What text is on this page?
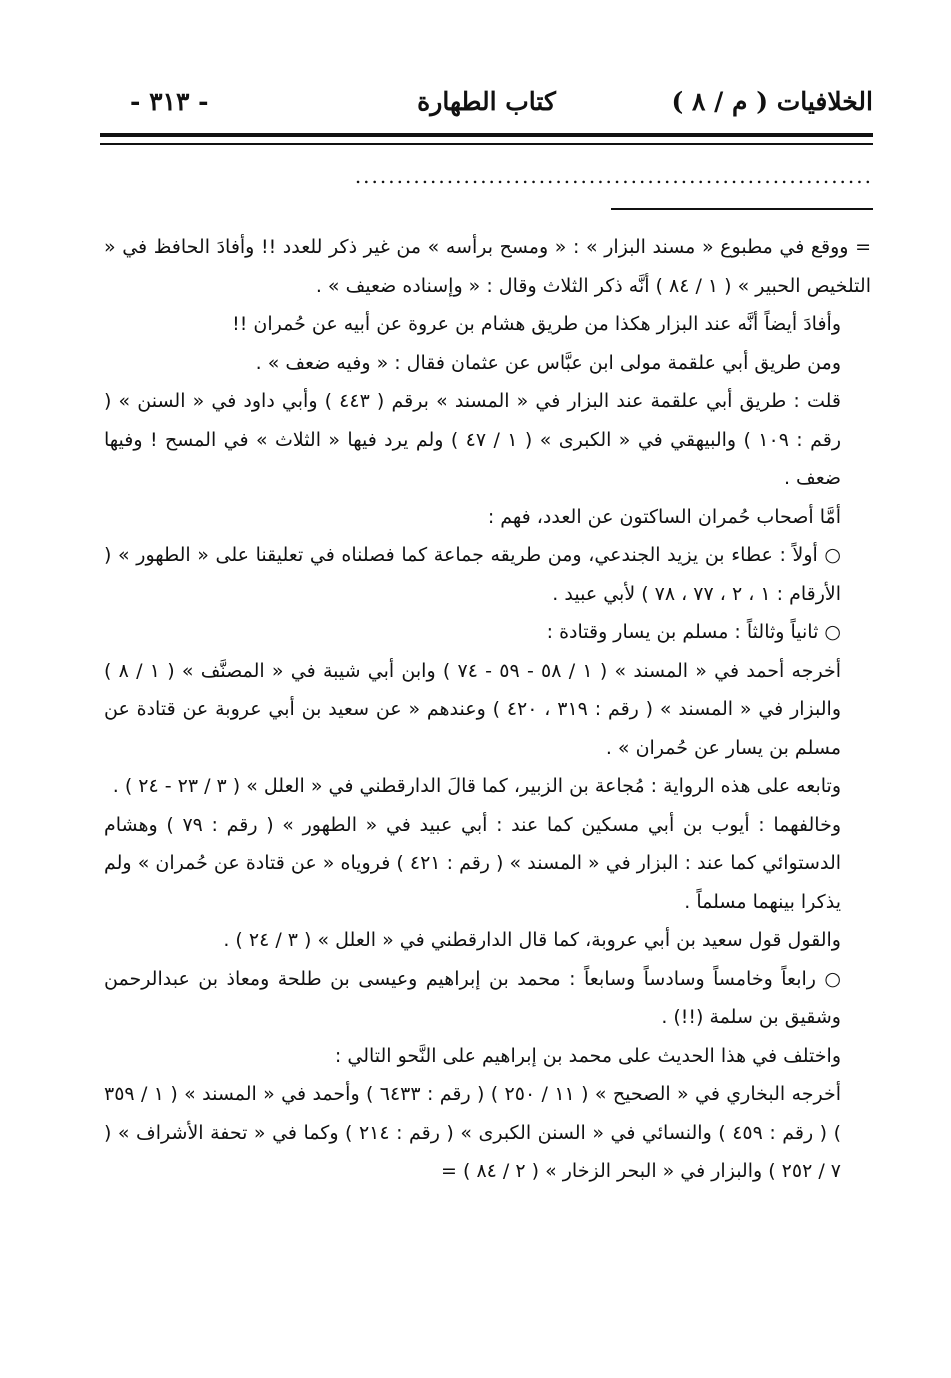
الخلافيات ( م / ٨ )
كتاب الطهارة
- ٣١٣ -
..............................................................

= ووقع في مطبوع « مسند البزار » : « ومسح برأسه » من غير ذكر للعدد !! وأفادَ الحافظ في « التلخيص الحبير » ( ١ / ٨٤ ) أنَّه ذكر الثلاث وقال : « وإسناده ضعيف » .

وأفادَ أيضاً أنَّه عند البزار هكذا من طريق هشام بن عروة عن أبيه عن حُمران !!

ومن طريق أبي علقمة مولى ابن عبَّاس عن عثمان فقال : « وفيه ضعف » .

قلت : طريق أبي علقمة عند البزار في « المسند » برقم ( ٤٤٣ ) وأبي داود في « السنن » ( رقم : ١٠٩ ) والبيهقي في « الكبرى » ( ١ / ٤٧ ) ولم يرد فيها « الثلاث » في المسح ! وفيها ضعف .

أمَّا أصحاب حُمران الساكتون عن العدد، فهم :

○ أولاً : عطاء بن يزيد الجندعي، ومن طريقه جماعة كما فصلناه في تعليقنا على « الطهور » ( الأرقام : ١ ، ٢ ، ٧٧ ، ٧٨ ) لأبي عبيد .

○ ثانياً وثالثاً : مسلم بن يسار وقتادة :

أخرجه أحمد في « المسند » ( ١ / ٥٨ - ٥٩ - ٧٤ ) وابن أبي شيبة في « المصنَّف » ( ١ / ٨ ) والبزار في « المسند » ( رقم : ٣١٩ ، ٤٢٠ ) وعندهم « عن سعيد بن أبي عروبة عن قتادة عن مسلم بن يسار عن حُمران » .

وتابعه على هذه الرواية : مُجاعة بن الزبير، كما قالَ الدارقطني في « العلل » ( ٣ / ٢٣ - ٢٤ ) .

وخالفهما : أيوب بن أبي مسكين كما عند : أبي عبيد في « الطهور » ( رقم : ٧٩ ) وهشام الدستوائي كما عند : البزار في « المسند » ( رقم : ٤٢١ ) فروياه « عن قتادة عن حُمران » ولم يذكرا بينهما مسلماً .

والقول قول سعيد بن أبي عروبة، كما قال الدارقطني في « العلل » ( ٣ / ٢٤ ) .

○ رابعاً وخامساً وسادساً وسابعاً : محمد بن إبراهيم وعيسى بن طلحة ومعاذ بن عبدالرحمن وشقيق بن سلمة (!!) .

واختلف في هذا الحديث على محمد بن إبراهيم على النَّحو التالي :

أخرجه البخاري في « الصحيح » ( ١١ / ٢٥٠ ) ( رقم : ٦٤٣٣ ) وأحمد في « المسند » ( ١ / ٣٥٩ ) ( رقم : ٤٥٩ ) والنسائي في « السنن الكبرى » ( رقم : ٢١٤ ) وكما في « تحفة الأشراف » ( ٧ / ٢٥٢ ) والبزار في « البحر الزخار » ( ٢ / ٨٤ ) =
